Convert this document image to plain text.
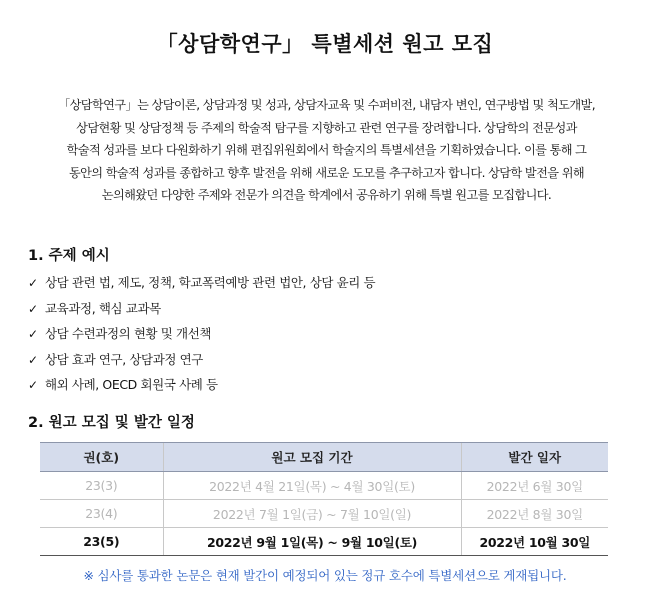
「상담학연구」 특별세션 원고 모집

「상담학연구」는 상담이론, 상담과정 및 성과, 상담자교육 및 수퍼비전, 내담자 변인, 연구방법 및 척도개발,

상담현황 및 상담정책 등 주제의 학술적 탐구를 지향하고 관련 연구를 장려합니다. 상담학의 전문성과

학술적 성과를 보다 다원화하기 위해 편집위원회에서 학술지의 특별세션을 기획하였습니다. 이를 통해 그

동안의 학술적 성과를 종합하고 향후 발전을 위해 새로운 도모를 추구하고자 합니다. 상담학 발전을 위해

논의해왔던 다양한 주제와 전문가 의견을 학계에서 공유하기 위해 특별 원고를 모집합니다.

1. 주제 예시
✓ 상담 관련 법, 제도, 정책, 학교폭력예방 관련 법안, 상담 윤리 등
✓ 교육과정, 핵심 교과목
✓ 상담 수련과정의 현황 및 개선책
✓ 상담 효과 연구, 상담과정 연구
✓ 해외 사례, OECD 회원국 사례 등
2. 원고 모집 및 발간 일정
권(호)	원고 모집 기간	발간 일자
23(3)	2022년 4월 21일(목) ~ 4월 30일(토)	2022년 6월 30일
23(4)	2022년 7월 1일(금) ~ 7월 10일(일)	2022년 8월 30일
23(5)	2022년 9월 1일(목) ~ 9월 10일(토)	2022년 10월 30일
※ 심사를 통과한 논문은 현재 발간이 예정되어 있는 정규 호수에 특별세션으로 게재됩니다.
